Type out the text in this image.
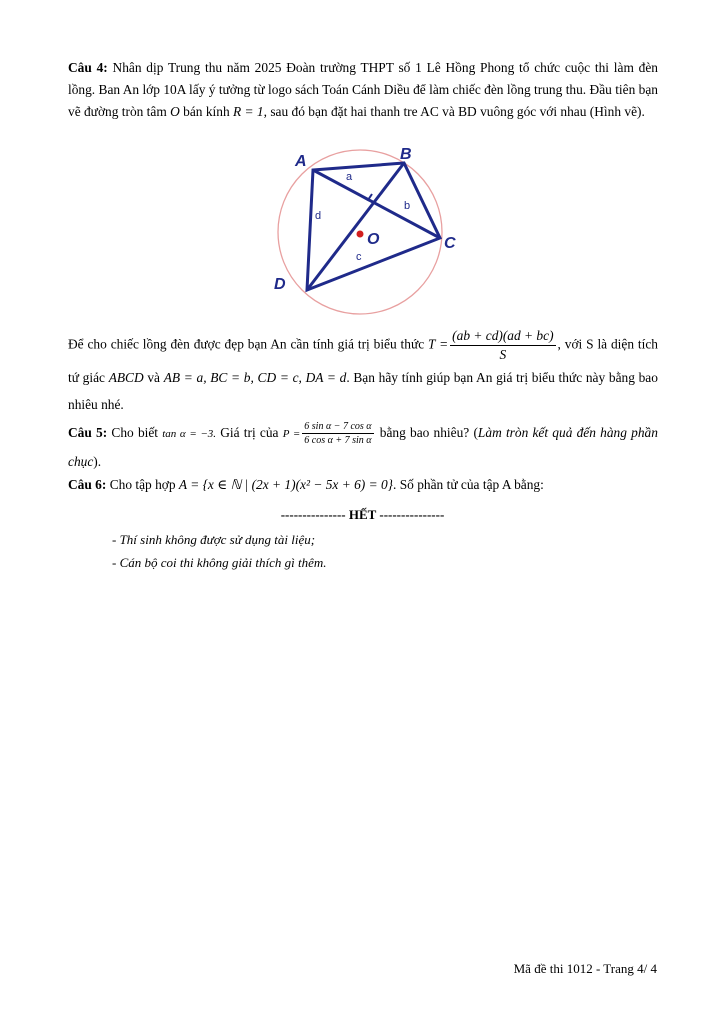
Câu 4: Nhân dịp Trung thu năm 2025 Đoàn trường THPT số 1 Lê Hồng Phong tổ chức cuộc thi làm đèn lồng. Ban An lớp 10A lấy ý tưởng từ logo sách Toán Cánh Diều để làm chiếc đèn lồng trung thu. Đầu tiên bạn vẽ đường tròn tâm O bán kính R = 1, sau đó bạn đặt hai thanh tre AC và BD vuông góc với nhau (Hình vẽ).
A	B
C
D
O
a
b
c
d
Để cho chiếc lồng đèn được đẹp bạn An cần tính giá trị biểu thức $T = \frac{(ab + cd)(ad + bc)}{S}$ , với S là diện tích tứ giác ABCD và AB = a, BC = b, CD = c, DA = d. Bạn hãy tính giúp bạn An giá trị biểu thức này bằng bao nhiêu nhé.
Câu 5: Cho biết tan α = −3. Giá trị của $P = \frac{\text{6 sin α − 7 cos α}}{\text{6 cos α + 7 sin α}}$ bằng bao nhiêu? (Làm tròn kết quả đến hàng phần chục).
Câu 6: Cho tập hợp A = {x ∈ ℕ | (2x + 1)(x² − 5x + 6) = 0}. Số phần tử của tập A bằng:
--------------- HẾT ---------------
- Thí sinh không được sử dụng tài liệu;
- Cán bộ coi thi không giải thích gì thêm.
Mã đề thi 1012 - Trang 4/ 4
